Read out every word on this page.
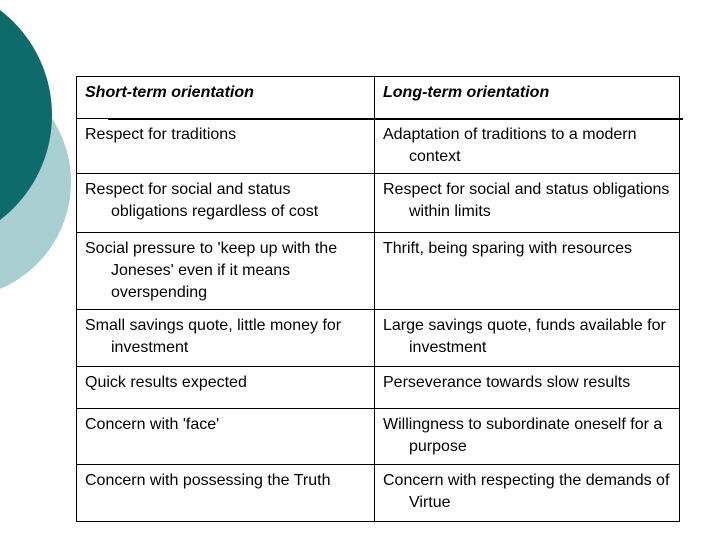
Short-term orientation	Long-term orientation

Respect for traditions	Adaptation of traditions to a modern context

Respect for social and status obligations regardless of cost	Respect for social and status obligations within limits

Social pressure to 'keep up with the Joneses' even if it means overspending	Thrift, being sparing with resources

Small savings quote, little money for investment	Large savings quote, funds available for investment

Quick results expected	Perseverance towards slow results

Concern with 'face'	Willingness to subordinate oneself for a purpose

Concern with possessing the Truth	Concern with respecting the demands of Virtue
